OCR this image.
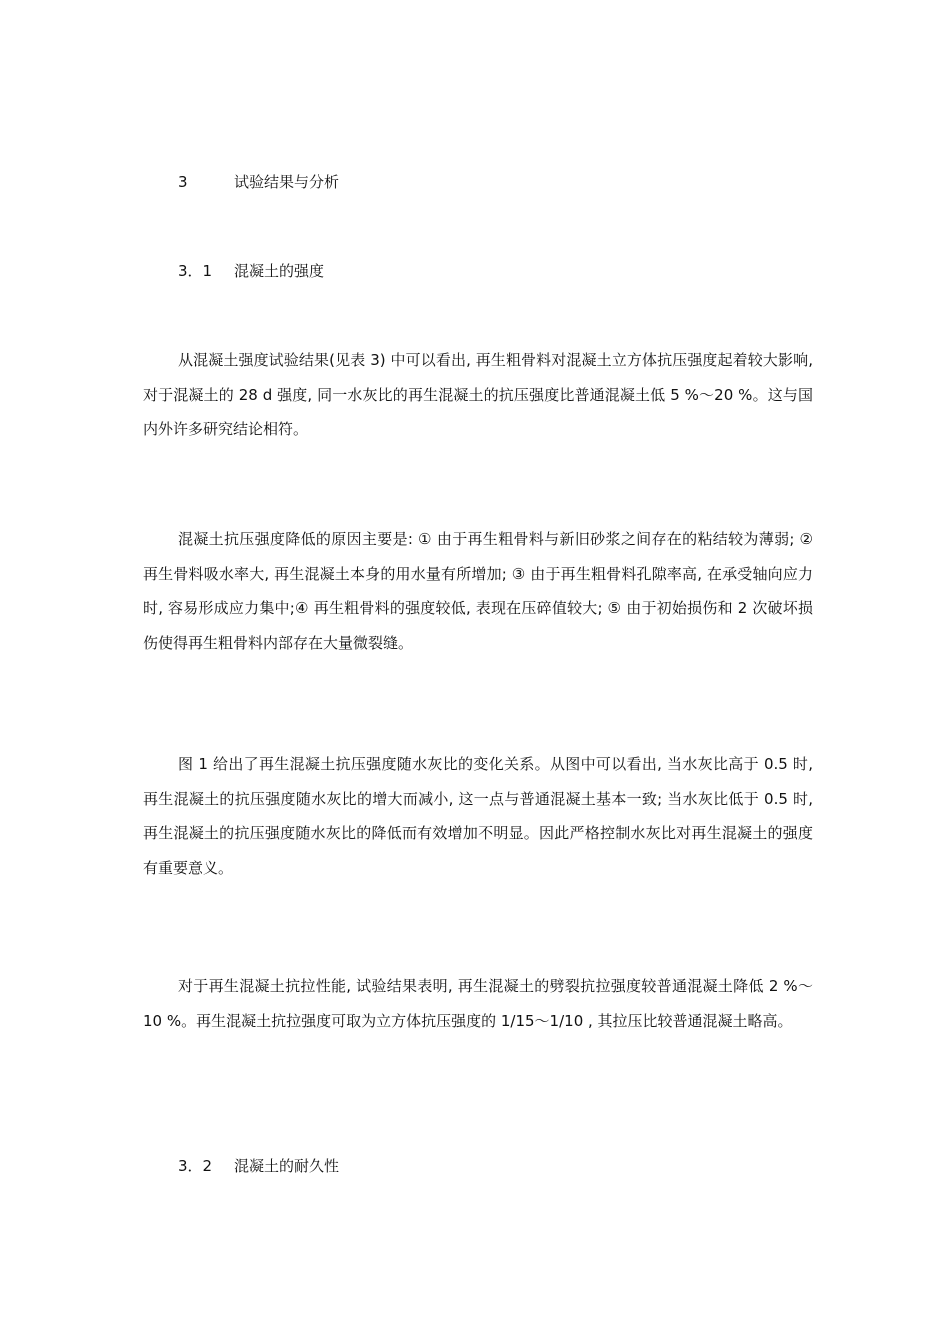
3	试验结果与分析
3．1 混凝土的强度

从混凝土强度试验结果(见表 3) 中可以看出, 再生粗骨料对混凝土立方体抗压强度起着较大影响, 对于混凝土的 28 d 强度, 同一水灰比的再生混凝土的抗压强度比普通混凝土低 5 %～20 %。这与国内外许多研究结论相符。

混凝土抗压强度降低的原因主要是: ① 由于再生粗骨料与新旧砂浆之间存在的粘结较为薄弱; ② 再生骨料吸水率大, 再生混凝土本身的用水量有所增加; ③ 由于再生粗骨料孔隙率高, 在承受轴向应力时, 容易形成应力集中;④ 再生粗骨料的强度较低, 表现在压碎值较大; ⑤ 由于初始损伤和 2 次破坏损伤使得再生粗骨料内部存在大量微裂缝。

图 1 给出了再生混凝土抗压强度随水灰比的变化关系。从图中可以看出, 当水灰比高于 0.5 时, 再生混凝土的抗压强度随水灰比的增大而减小, 这一点与普通混凝土基本一致; 当水灰比低于 0.5 时, 再生混凝土的抗压强度随水灰比的降低而有效增加不明显。因此严格控制水灰比对再生混凝土的强度有重要意义。

对于再生混凝土抗拉性能, 试验结果表明, 再生混凝土的劈裂抗拉强度较普通混凝土降低 2 %～10 %。再生混凝土抗拉强度可取为立方体抗压强度的 1/15～1/10 , 其拉压比较普通混凝土略高。

3．2 混凝土的耐久性
